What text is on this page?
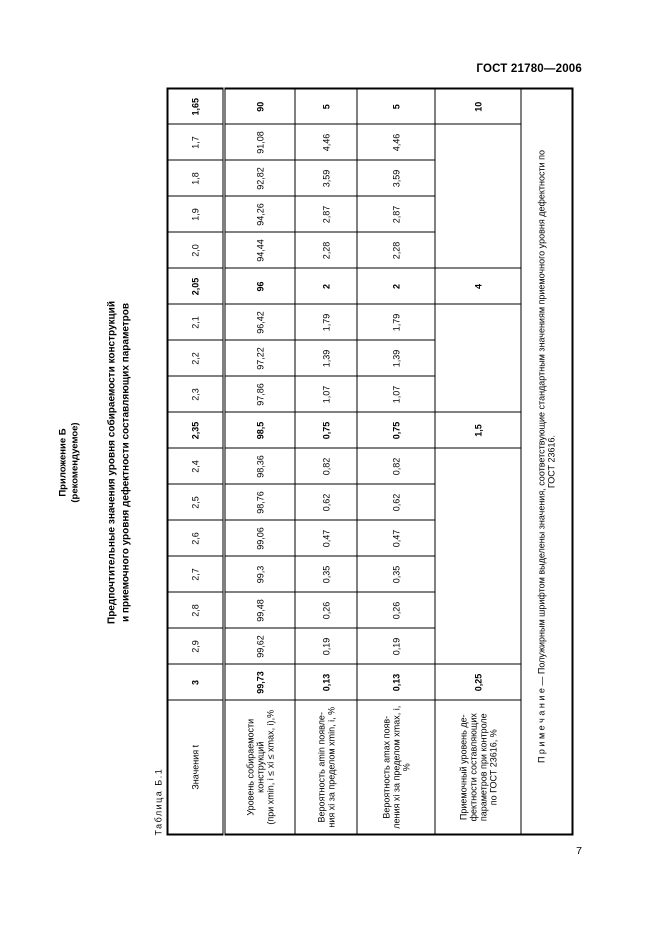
ГОСТ 21780—2006
Приложение Б (рекомендуемое)	Предпочтительные значения уровня собираемости конструкций и приемочного уровня дефектности составляющих параметров
Таблица Б.1
Значения t	3	2,9	2,8	2,7	2,6	2,5	2,4	2,35	2,3	2,2	2,1	2,05	2,0	1,9	1,8	1,7	1,65

Уровень собираемости конструкций (при xmin, i ≤ xi ≤ xmax, i),%	99,73	99,62	99,48	99,3	99,06	98,76	98,36	98,5	97,86	97,22	96,42	96	94,44	94,26	92,82	91,08	90

Вероятность amin появле- ния xi за пределом xmin, i, %	0,13	0,19	0,26	0,35	0,47	0,62	0,82	0,75	1,07	1,39	1,79	2	2,28	2,87	3,59	4,46	5

Вероятность amax появ- ления xi за пределом xmax, i, %	0,13	0,19	0,26	0,35	0,47	0,62	0,82	0,75	1,07	1,39	1,79	2	2,28	2,87	3,59	4,46	5

Приемочный уровень де- фектности составляющих параметров при контроле по ГОСТ 23616, %	0,25							1,5				4					10

П р и м е ч а н и е — Полужирным шрифтом выделены значения, соответствующие стандартным значениям приемочного уровня дефектности по ГОСТ 23616.																	
7
